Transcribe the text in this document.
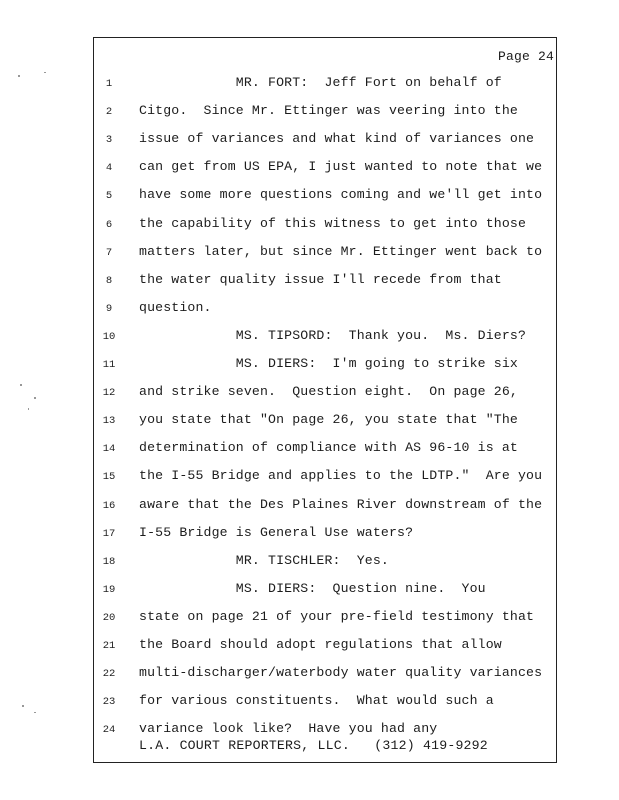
Page 24
1	MR. FORT:  Jeff Fort on behalf of
2	Citgo.  Since Mr. Ettinger was veering into the
3	issue of variances and what kind of variances one
4	can get from US EPA, I just wanted to note that we
5	have some more questions coming and we'll get into
6	the capability of this witness to get into those
7	matters later, but since Mr. Ettinger went back to
8	the water quality issue I'll recede from that
9	question.
10	MS. TIPSORD:  Thank you.  Ms. Diers?
11	MS. DIERS:  I'm going to strike six
12	and strike seven.  Question eight.  On page 26,
13	you state that "On page 26, you state that "The
14	determination of compliance with AS 96-10 is at
15	the I-55 Bridge and applies to the LDTP."  Are you
16	aware that the Des Plaines River downstream of the
17	I-55 Bridge is General Use waters?
18	MR. TISCHLER:  Yes.
19	MS. DIERS:  Question nine.  You
20	state on page 21 of your pre-field testimony that
21	the Board should adopt regulations that allow
22	multi-discharger/waterbody water quality variances
23	for various constituents.  What would such a
24	variance look like?  Have you had any
L.A. COURT REPORTERS, LLC.   (312) 419-9292
